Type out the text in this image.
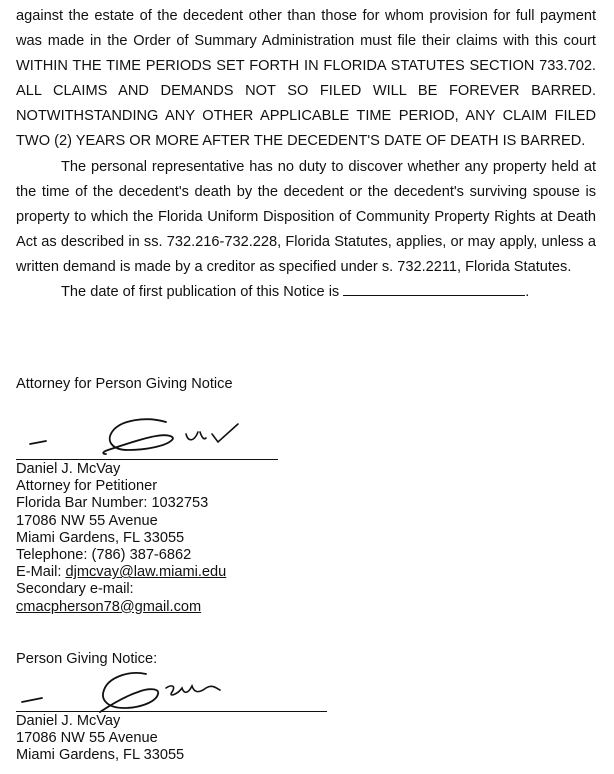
against the estate of the decedent other than those for whom provision for full payment was made in the Order of Summary Administration must file their claims with this court WITHIN THE TIME PERIODS SET FORTH IN FLORIDA STATUTES SECTION 733.702. ALL CLAIMS AND DEMANDS NOT SO FILED WILL BE FOREVER BARRED. NOTWITHSTANDING ANY OTHER APPLICABLE TIME PERIOD, ANY CLAIM FILED TWO (2) YEARS OR MORE AFTER THE DECEDENT'S DATE OF DEATH IS BARRED.

The personal representative has no duty to discover whether any property held at the time of the decedent's death by the decedent or the decedent's surviving spouse is property to which the Florida Uniform Disposition of Community Property Rights at Death Act as described in ss. 732.216-732.228, Florida Statutes, applies, or may apply, unless a written demand is made by a creditor as specified under s. 732.2211, Florida Statutes.

The date of first publication of this Notice is	.

Attorney for Person Giving Notice
Daniel J. McVay
Attorney for Petitioner
Florida Bar Number: 1032753
17086 NW 55 Avenue
Miami Gardens, FL 33055
Telephone: (786) 387-6862
E-Mail: djmcvay@law.miami.edu
Secondary e-mail:
cmacpherson78@gmail.com
Person Giving Notice:
Daniel J. McVay
17086 NW 55 Avenue
Miami Gardens, FL 33055
